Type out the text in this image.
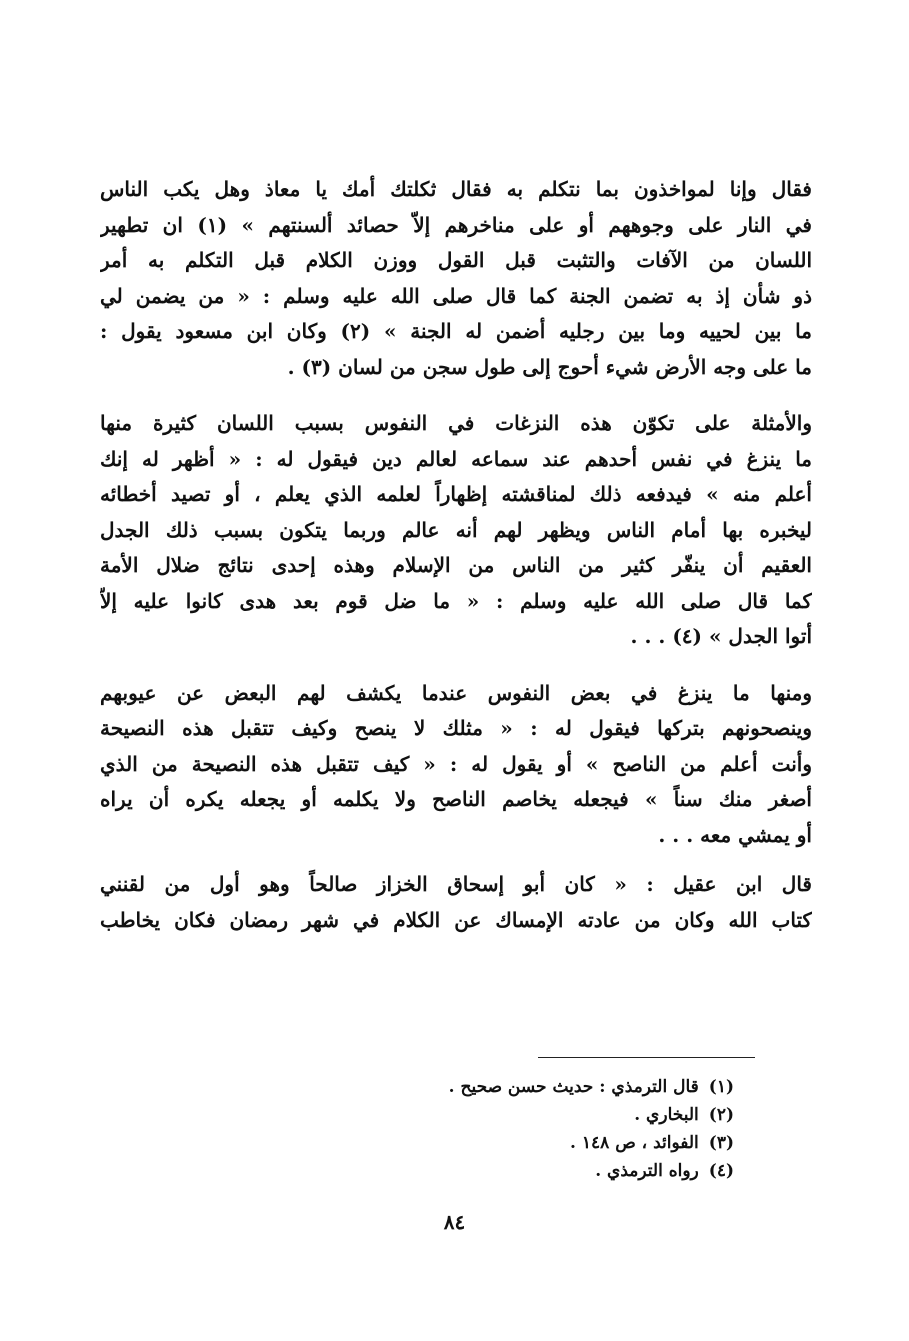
فقال وإنا لمواخذون بما نتكلم به فقال ثكلتك أمك يا معاذ وهل يكب الناس
في النار على وجوههم أو على مناخرهم إلاّ حصائد ألسنتهم » (١) ان تطهير
اللسان من الآفات والتثبت قبل القول ووزن الكلام قبل التكلم به أمر
ذو شأن إذ به تضمن الجنة كما قال صلى الله عليه وسلم : « من يضمن لي
ما بين لحييه وما بين رجليه أضمن له الجنة » (٢) وكان ابن مسعود يقول :
ما على وجه الأرض شيء أحوج إلى طول سجن من لسان (٣) .
والأمثلة على تكوّن هذه النزغات في النفوس بسبب اللسان كثيرة منها
ما ينزغ في نفس أحدهم عند سماعه لعالم دين فيقول له : « أظهر له إنك
أعلم منه » فيدفعه ذلك لمناقشته إظهاراً لعلمه الذي يعلم ، أو تصيد أخطائه
ليخبره بها أمام الناس ويظهر لهم أنه عالم وربما يتكون بسبب ذلك الجدل
العقيم أن ينفّر كثير من الناس من الإسلام وهذه إحدى نتائج ضلال الأمة
كما قال صلى الله عليه وسلم : « ما ضل قوم بعد هدى كانوا عليه إلاّ
أتوا الجدل » (٤) . . .
ومنها ما ينزغ في بعض النفوس عندما يكشف لهم البعض عن عيوبهم
وينصحونهم بتركها فيقول له : « مثلك لا ينصح وكيف تتقبل هذه النصيحة
وأنت أعلم من الناصح » أو يقول له : « كيف تتقبل هذه النصيحة من الذي
أصغر منك سناً » فيجعله يخاصم الناصح ولا يكلمه أو يجعله يكره أن يراه
أو يمشي معه . . .
قال ابن عقيل : « كان أبو إسحاق الخزاز صالحاً وهو أول من لقنني
كتاب الله وكان من عادته الإمساك عن الكلام في شهر رمضان فكان يخاطب
(١)قال الترمذي : حديث حسن صحيح .
(٢)البخاري .
(٣)الفوائد ، ص ١٤٨ .
(٤)رواه الترمذي .
٨٤
